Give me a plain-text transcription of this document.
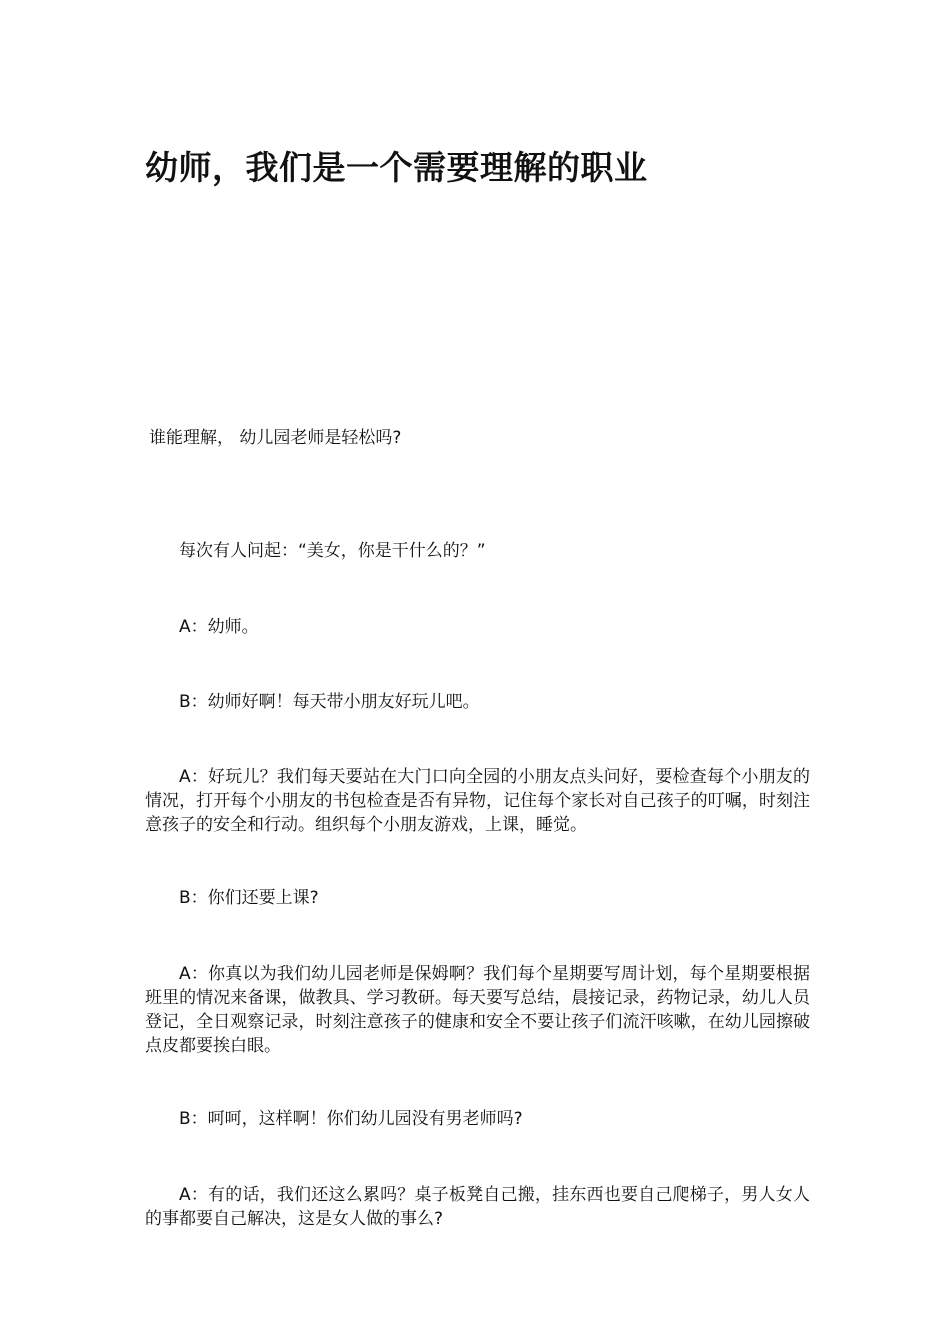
幼师，我们是一个需要理解的职业

谁能理解， 幼儿园老师是轻松吗?

每次有人问起：“美女，你是干什么的？”

A：幼师。

B：幼师好啊！每天带小朋友好玩儿吧。

A：好玩儿？我们每天要站在大门口向全园的小朋友点头问好，要检查每个小朋友的情况，打开每个小朋友的书包检查是否有异物，记住每个家长对自己孩子的叮嘱，时刻注意孩子的安全和行动。组织每个小朋友游戏，上课，睡觉。

B：你们还要上课?

A：你真以为我们幼儿园老师是保姆啊？我们每个星期要写周计划，每个星期要根据班里的情况来备课，做教具、学习教研。每天要写总结，晨接记录，药物记录，幼儿人员登记，全日观察记录，时刻注意孩子的健康和安全不要让孩子们流汗咳嗽，在幼儿园擦破点皮都要挨白眼。

B：呵呵，这样啊！你们幼儿园没有男老师吗?

A：有的话，我们还这么累吗？桌子板凳自己搬，挂东西也要自己爬梯子，男人女人的事都要自己解决，这是女人做的事么?
